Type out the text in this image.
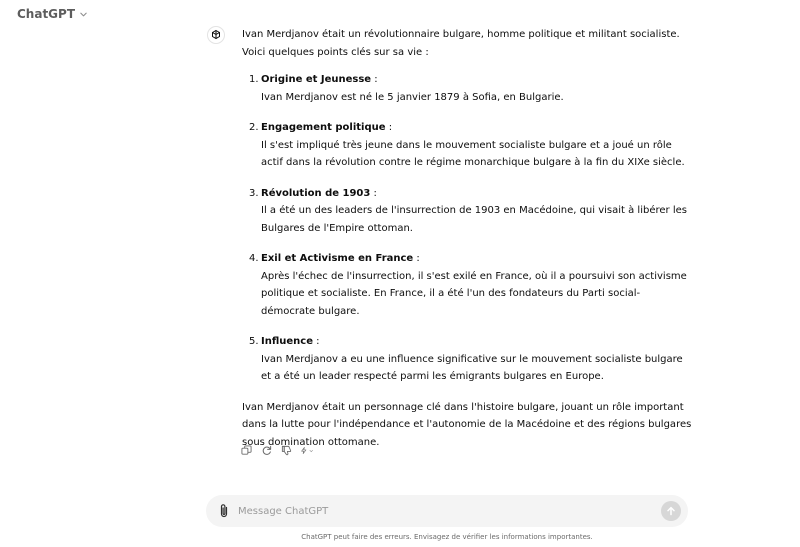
ChatGPT

Ivan Merdjanov était un révolutionnaire bulgare, homme politique et militant socialiste. Voici quelques points clés sur sa vie :

1. Origine et Jeunesse :
Ivan Merdjanov est né le 5 janvier 1879 à Sofia, en Bulgarie.
2. Engagement politique :
Il s'est impliqué très jeune dans le mouvement socialiste bulgare et a joué un rôle actif dans la révolution contre le régime monarchique bulgare à la fin du XIXe siècle.
3. Révolution de 1903 :
Il a été un des leaders de l'insurrection de 1903 en Macédoine, qui visait à libérer les Bulgares de l'Empire ottoman.
4. Exil et Activisme en France :
Après l'échec de l'insurrection, il s'est exilé en France, où il a poursuivi son activisme politique et socialiste. En France, il a été l'un des fondateurs du Parti social-démocrate bulgare.
5. Influence :
Ivan Merdjanov a eu une influence significative sur le mouvement socialiste bulgare et a été un leader respecté parmi les émigrants bulgares en Europe.

Ivan Merdjanov était un personnage clé dans l'histoire bulgare, jouant un rôle important dans la lutte pour l'indépendance et l'autonomie de la Macédoine et des régions bulgares sous domination ottomane.

Message ChatGPT
ChatGPT peut faire des erreurs. Envisagez de vérifier les informations importantes.
